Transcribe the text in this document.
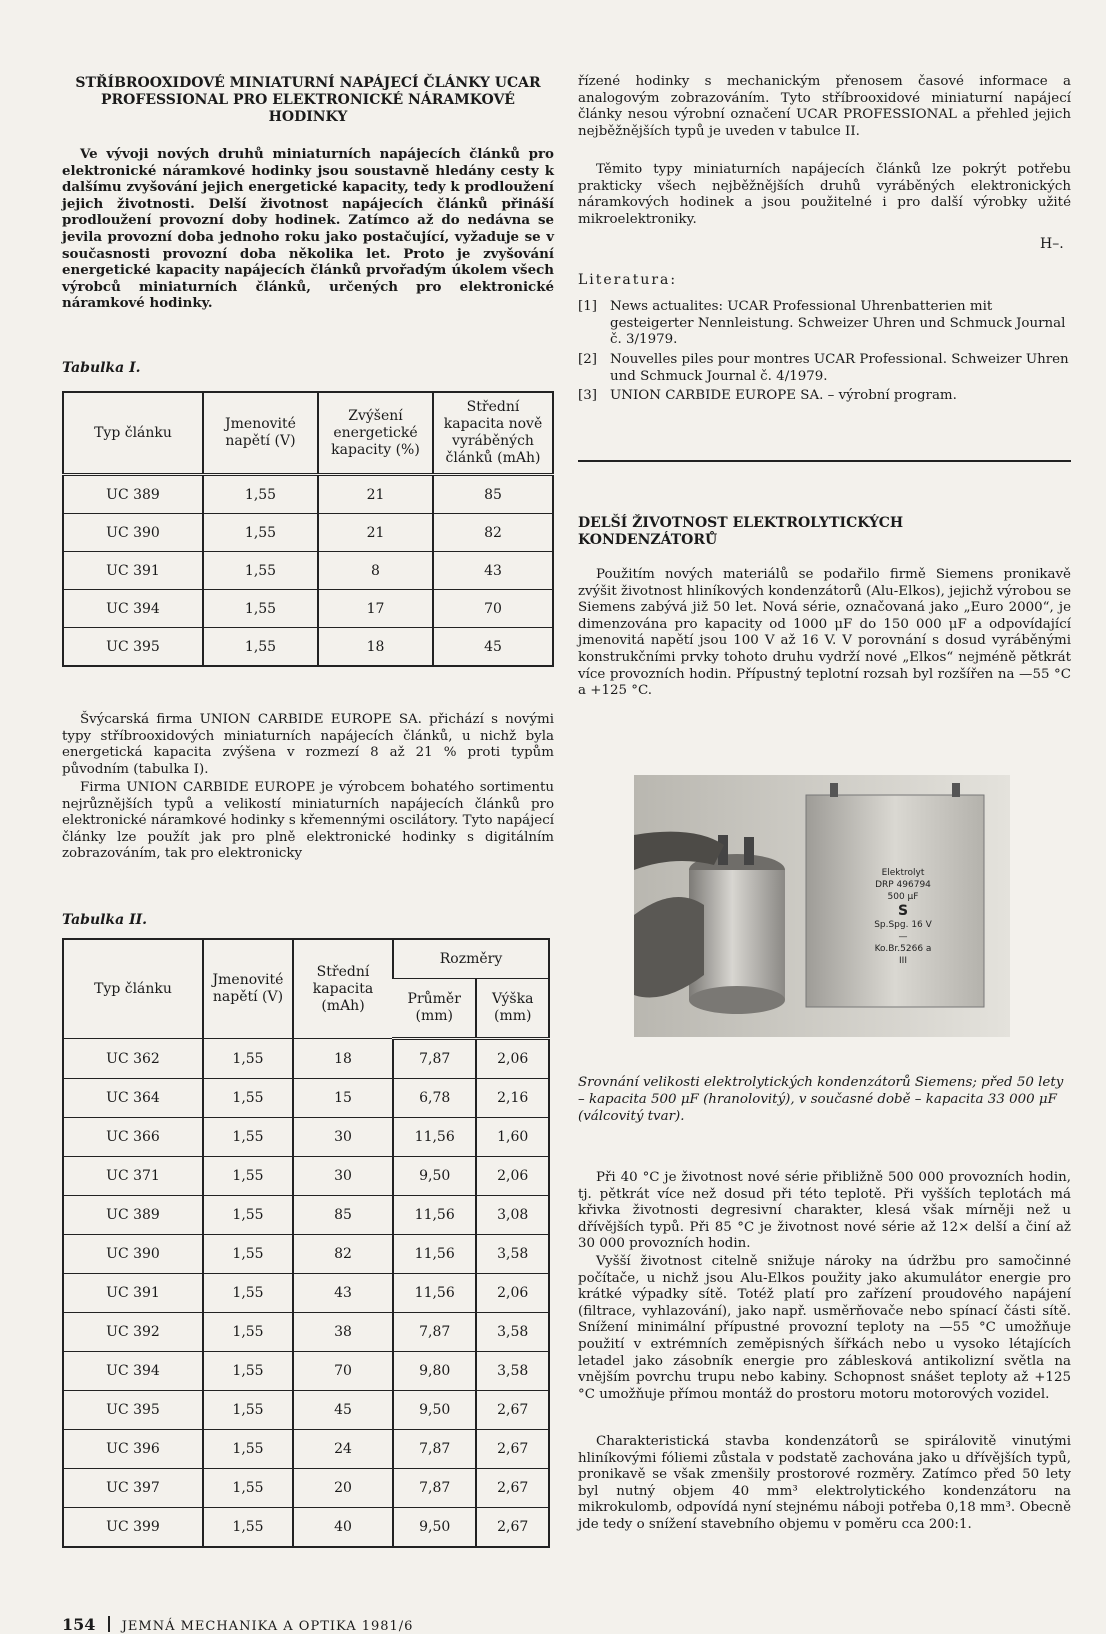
STŘÍBROOXIDOVÉ MINIATURNÍ NAPÁJECÍ ČLÁNKY UCAR PROFESSIONAL PRO ELEKTRONICKÉ NÁRAMKOVÉ HODINKY

Ve vývoji nových druhů miniaturních napájecích článků pro elektronické náramkové hodinky jsou soustavně hledány cesty k dalšímu zvyšování jejich energetické kapacity, tedy k prodloužení jejich životnosti. Delší životnost napájecích článků přináší prodloužení provozní doby hodinek. Zatímco až do nedávna se jevila provozní doba jednoho roku jako postačující, vyžaduje se v současnosti provozní doba několika let. Proto je zvyšování energetické kapacity napájecích článků prvořadým úkolem všech výrobců miniaturních článků, určených pro elektronické náramkové hodinky.

Tabulka I.
Typ článku	Jmenovité napětí (V)	Zvýšení energetické kapacity (%)	Střední kapacita nově vyráběných článků (mAh)
UC 389	1,55	21	85
UC 390	1,55	21	82
UC 391	1,55	8	43
UC 394	1,55	17	70
UC 395	1,55	18	45

Švýcarská firma UNION CARBIDE EUROPE SA. přichází s novými typy stříbrooxidových miniaturních napájecích článků, u nichž byla energetická kapacita zvýšena v rozmezí 8 až 21 % proti typům původním (tabulka I).

Firma UNION CARBIDE EUROPE je výrobcem bohatého sortimentu nejrůznějších typů a velikostí miniaturních napájecích článků pro elektronické náramkové hodinky s křemennými oscilátory. Tyto napájecí články lze použít jak pro plně elektronické hodinky s digitálním zobrazováním, tak pro elektronicky

Tabulka II.
Typ článku	Jmenovité napětí (V)	Střední kapacita (mAh)	Rozměry	
			Průměr (mm)	Výška (mm)
UC 362	1,55	18	7,87	2,06
UC 364	1,55	15	6,78	2,16
UC 366	1,55	30	11,56	1,60
UC 371	1,55	30	9,50	2,06
UC 389	1,55	85	11,56	3,08
UC 390	1,55	82	11,56	3,58
UC 391	1,55	43	11,56	2,06
UC 392	1,55	38	7,87	3,58
UC 394	1,55	70	9,80	3,58
UC 395	1,55	45	9,50	2,67
UC 396	1,55	24	7,87	2,67
UC 397	1,55	20	7,87	2,67
UC 399	1,55	40	9,50	2,67

řízené hodinky s mechanickým přenosem časové informace a analogovým zobrazováním. Tyto stříbrooxidové miniaturní napájecí články nesou výrobní označení UCAR PROFESSIONAL a přehled jejich nejběžnějších typů je uveden v tabulce II.

Těmito typy miniaturních napájecích článků lze pokrýt potřebu prakticky všech nejběžnějších druhů vyráběných elektronických náramkových hodinek a jsou použitelné i pro další výrobky užité mikroelektroniky.

H–.
Literatura:
[1] News actualites: UCAR Professional Uhrenbatterien mit gesteigerter Nennleistung. Schweizer Uhren und Schmuck Journal č. 3/1979.
[2] Nouvelles piles pour montres UCAR Professional. Schweizer Uhren und Schmuck Journal č. 4/1979.
[3] UNION CARBIDE EUROPE SA. – výrobní program.
DELŠÍ ŽIVOTNOST ELEKTROLYTICKÝCH KONDENZÁTORŮ

Použitím nových materiálů se podařilo firmě Siemens pronikavě zvýšit životnost hliníkových kondenzátorů (Alu-Elkos), jejichž výrobou se Siemens zabývá již 50 let. Nová série, označovaná jako „Euro 2000“, je dimenzována pro kapacity od 1000 μF do 150 000 μF a odpovídající jmenovitá napětí jsou 100 V až 16 V. V porovnání s dosud vyráběnými konstrukčními prvky tohoto druhu vydrží nové „Elkos“ nejméně pětkrát více provozních hodin. Přípustný teplotní rozsah byl rozšířen na —55 °C a +125 °C.

Elektrolyt
DRP 496794
500 μF
S
Sp.Spg. 16 V—
Ko.Br.5266 a III

Srovnání velikosti elektrolytických kondenzátorů Siemens; před 50 lety – kapacita 500 μF (hranolovitý), v současné době – kapacita 33 000 μF (válcovitý tvar).

Při 40 °C je životnost nové série přibližně 500 000 provozních hodin, tj. pětkrát více než dosud při této teplotě. Při vyšších teplotách má křivka životnosti degresivní charakter, klesá však mírněji než u dřívějších typů. Při 85 °C je životnost nové série až 12× delší a činí až 30 000 provozních hodin.

Vyšší životnost citelně snižuje nároky na údržbu pro samočinné počítače, u nichž jsou Alu-Elkos použity jako akumulátor energie pro krátké výpadky sítě. Totéž platí pro zařízení proudového napájení (filtrace, vyhlazování), jako např. usměrňovače nebo spínací části sítě. Snížení minimální přípustné provozní teploty na —55 °C umožňuje použití v extrémních zeměpisných šířkách nebo u vysoko létajících letadel jako zásobník energie pro záblesková antikolizní světla na vnějším povrchu trupu nebo kabiny. Schopnost snášet teploty až +125 °C umožňuje přímou montáž do prostoru motoru motorových vozidel.

Charakteristická stavba kondenzátorů se spirálovitě vinutými hliníkovými fóliemi zůstala v podstatě zachována jako u dřívějších typů, pronikavě se však zmenšily prostorové rozměry. Zatímco před 50 lety byl nutný objem 40 mm³ elektrolytického kondenzátoru na mikrokulomb, odpovídá nyní stejnému náboji potřeba 0,18 mm³. Obecně jde tedy o snížení stavebního objemu v poměru cca 200:1.

154 JEMNÁ MECHANIKA A OPTIKA 1981/6
